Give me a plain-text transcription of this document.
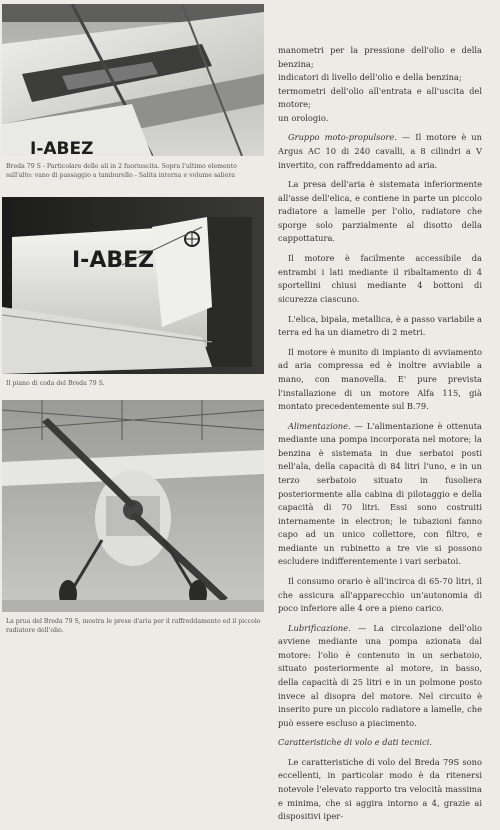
I-ABEZ
Breda 79 S - Particolare delle ali in 2 fuoriuscita. Sopra l'ultimo elemento sull'alto: vano di passaggio a tamburello - Salita interna e volume saliera
I-ABEZ
Il piano di coda del Breda 79 S.
La prua del Breda 79 S, mostra le prese d'aria per il raffreddamento ed il piccolo radiatore dell'olio.

manometri per la pressione dell'olio e della benzina;

indicatori di livello dell'olio e della benzina;

termometri dell'olio all'entrata e all'uscita del motore;

un orologio.

Gruppo moto-propulsore. — Il motore è un Argus AC 10 di 240 cavalli, a 8 cilindri a V invertito, con raffreddamento ad aria.

La presa dell'aria è sistemata inferiormente all'asse dell'elica, e contiene in parte un piccolo radiatore a lamelle per l'olio, radiatore che sporge solo parzialmente al disotto della cappottatura.

Il motore è facilmente accessibile da entrambi i lati mediante il ribaltamento di 4 sportellini chiusi mediante 4 bottoni di sicurezza ciascuno.

L'elica, bipala, metallica, è a passo variabile a terra ed ha un diametro di 2 metri.

Il motore è munito di impianto di avviamento ad aria compressa ed è inoltre avviabile a mano, con manovella. E' pure prevista l'installazione di un motore Alfa 115, già montato precedentemente sul B.79.

Alimentazione. — L'alimentazione è ottenuta mediante una pompa incorporata nel motore; la benzina è sistemata in due serbatoi posti nell'ala, della capacità di 84 litri l'uno, e in un terzo serbatoio situato in fusoliera posteriormente alla cabina di pilotaggio e della capacità di 70 litri. Essi sono costruiti internamente in electron; le tubazioni fanno capo ad un unico collettore, con filtro, e mediante un rubinetto a tre vie si possono escludere indifferentemente i vari serbatoi.

Il consumo orario è all'incirca di 65-70 litri, il che assicura all'apparecchio un'autonomia di poco inferiore alle 4 ore a pieno carico.

Lubrificazione. — La circolazione dell'olio avviene mediante una pompa azionata dal motore: l'olio è contenuto in un serbatoio, situato posteriormente al motore, in basso, della capacità di 25 litri e in un polmone posto invece al disopra del motore. Nel circuito è inserito pure un piccolo radiatore a lamelle, che può essere escluso a piacimento.

Caratteristiche di volo e dati tecnici.

Le caratteristiche di volo del Breda 79S sono eccellenti, in particolar modo è da ritenersi notevole l'elevato rapporto tra velocità massima e minima, che si aggira intorno a 4, grazie ai dispositivi iper-
